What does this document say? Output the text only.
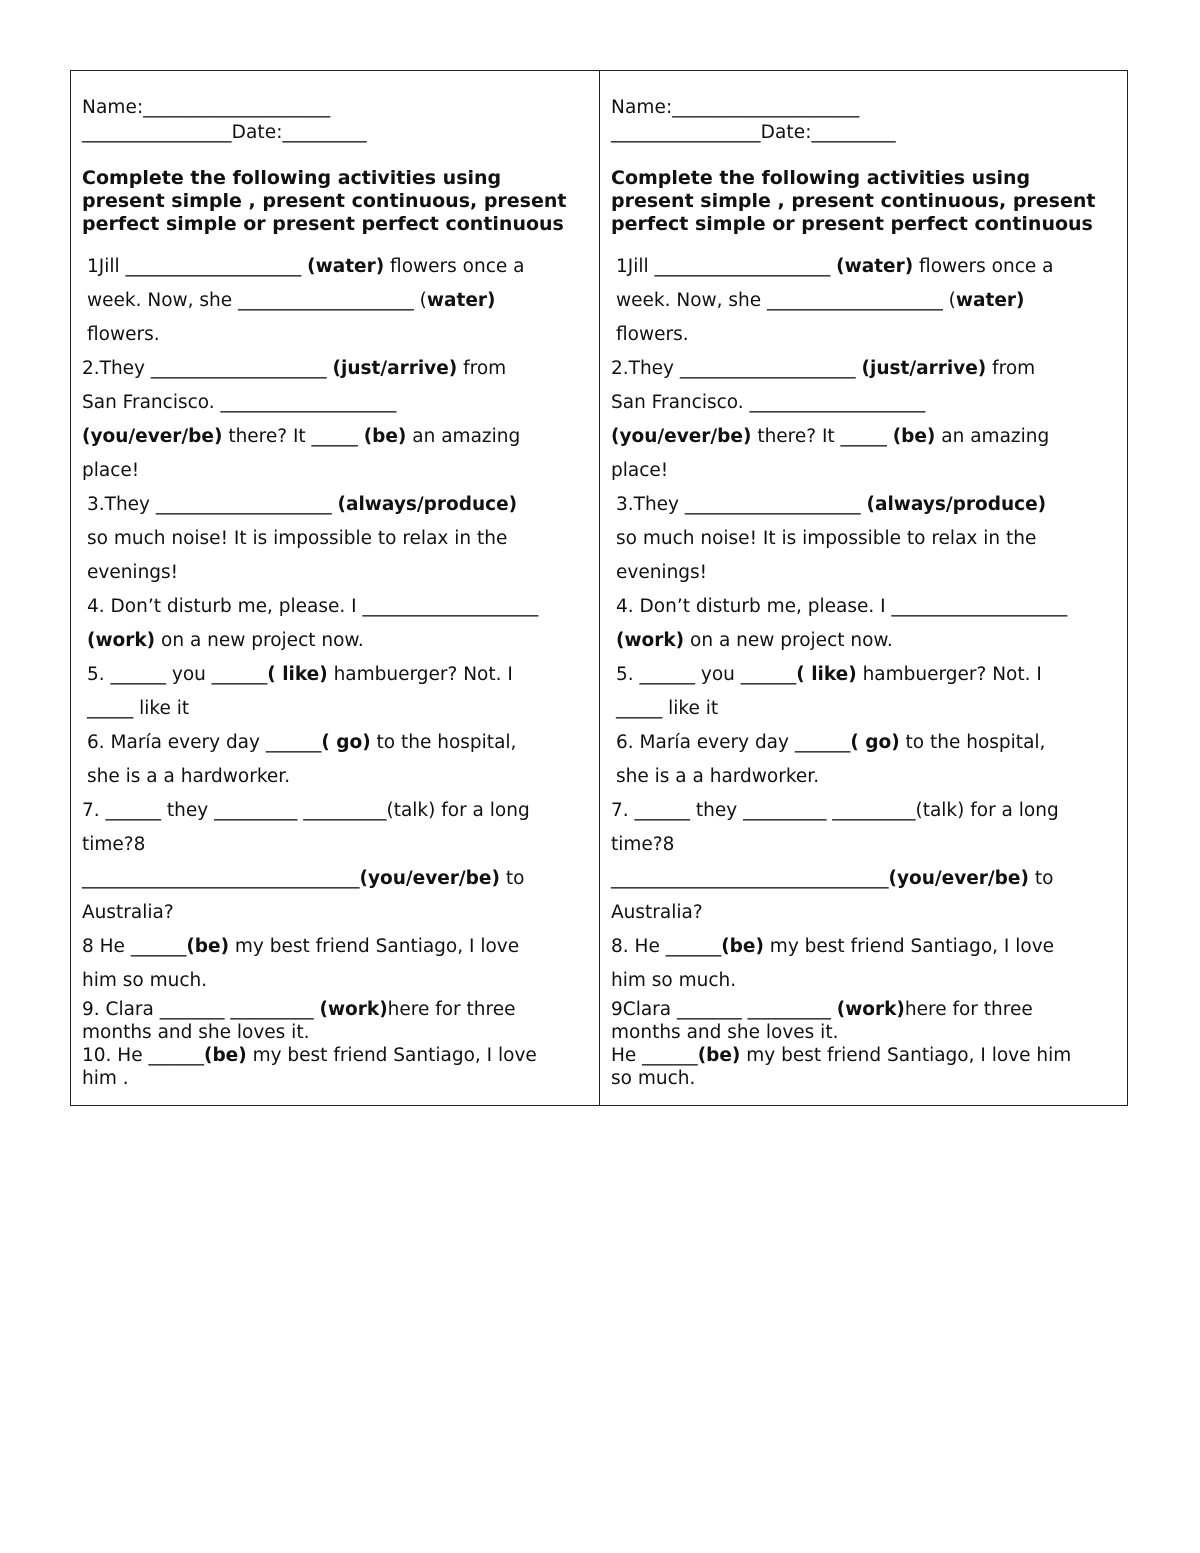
Name:____________________
________________Date:_________
Complete the following activities using present simple , present continuous, present perfect simple or present perfect continuous
1Jill ___________________ (water) flowers once a
week. Now, she ___________________ (water)
flowers.
2.They ___________________ (just/arrive) from
San Francisco. ___________________
(you/ever/be) there? It _____ (be) an amazing
place!
3.They ___________________ (always/produce)
so much noise! It is impossible to relax in the
evenings!
4. Don’t disturb me, please. I ___________________
(work) on a new project now.
5. ______ you ______( like) hambuerger? Not. I
_____ like it
6. María every day ______( go) to the hospital,
she is a a hardworker.
7. ______ they _________ _________(talk) for a long
time?8
______________________________(you/ever/be) to
Australia?
8 He ______(be) my best friend Santiago, I love
him so much.
9. Clara _______ _________ (work)here for three
months and she loves it.
10. He ______(be) my best friend Santiago, I love
him .
Name:____________________
________________Date:_________
Complete the following activities using present simple , present continuous, present perfect simple or present perfect continuous
1Jill ___________________ (water) flowers once a
week. Now, she ___________________ (water)
flowers.
2.They ___________________ (just/arrive) from
San Francisco. ___________________
(you/ever/be) there? It _____ (be) an amazing
place!
3.They ___________________ (always/produce)
so much noise! It is impossible to relax in the
evenings!
4. Don’t disturb me, please. I ___________________
(work) on a new project now.
5. ______ you ______( like) hambuerger? Not. I
_____ like it
6. María every day ______( go) to the hospital,
she is a a hardworker.
7. ______ they _________ _________(talk) for a long
time?8
______________________________(you/ever/be) to
Australia?
8. He ______(be) my best friend Santiago, I love
him so much.
9Clara _______ _________ (work)here for three
months and she loves it.
He ______(be) my best friend Santiago, I love him
so much.
